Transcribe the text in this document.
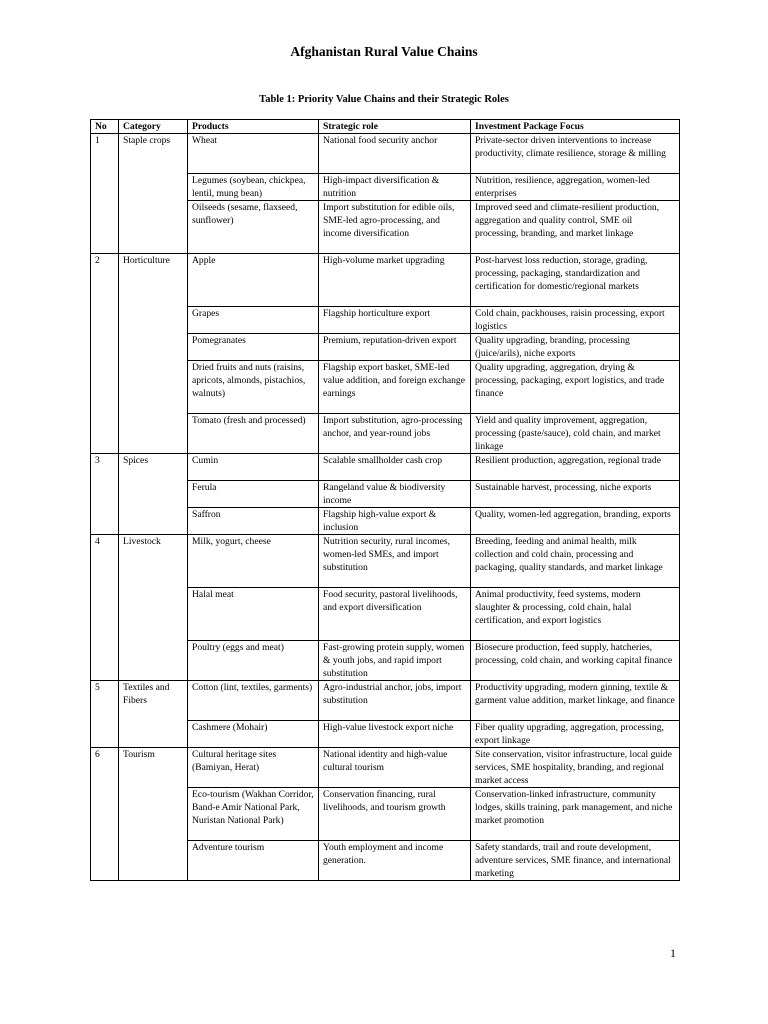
Afghanistan Rural Value Chains
Table 1: Priority Value Chains and their Strategic Roles
No	Category	Products	Strategic role	Investment Package Focus
1	Staple crops	Wheat	National food security anchor	Private-sector driven interventions to increase productivity, climate resilience, storage & milling
		Legumes (soybean, chickpea, lentil, mung bean)	High-impact diversification & nutrition	Nutrition, resilience, aggregation, women-led enterprises
		Oilseeds (sesame, flaxseed, sunflower)	Import substitution for edible oils, SME-led agro-processing, and income diversification	Improved seed and climate-resilient production, aggregation and quality control, SME oil processing, branding, and market linkage
2	Horticulture	Apple	High-volume market upgrading	Post-harvest loss reduction, storage, grading, processing, packaging, standardization and certification for domestic/regional markets
		Grapes	Flagship horticulture export	Cold chain, packhouses, raisin processing, export logistics
		Pomegranates	Premium, reputation-driven export	Quality upgrading, branding, processing (juice/arils), niche exports
		Dried fruits and nuts (raisins, apricots, almonds, pistachios, walnuts)	Flagship export basket, SME-led value addition, and foreign exchange earnings	Quality upgrading, aggregation, drying & processing, packaging, export logistics, and trade finance
		Tomato (fresh and processed)	Import substitution, agro-processing anchor, and year-round jobs	Yield and quality improvement, aggregation, processing (paste/sauce), cold chain, and market linkage
3	Spices	Cumin	Scalable smallholder cash crop	Resilient production, aggregation, regional trade
		Ferula	Rangeland value & biodiversity income	Sustainable harvest, processing, niche exports
		Saffron	Flagship high-value export & inclusion	Quality, women-led aggregation, branding, exports
4	Livestock	Milk, yogurt, cheese	Nutrition security, rural incomes, women-led SMEs, and import substitution	Breeding, feeding and animal health, milk collection and cold chain, processing and packaging, quality standards, and market linkage
		Halal meat	Food security, pastoral livelihoods, and export diversification	Animal productivity, feed systems, modern slaughter & processing, cold chain, halal certification, and export logistics
		Poultry (eggs and meat)	Fast-growing protein supply, women & youth jobs, and rapid import substitution	Biosecure production, feed supply, hatcheries, processing, cold chain, and working capital finance
5	Textiles and Fibers	Cotton (lint, textiles, garments)	Agro-industrial anchor, jobs, import substitution	Productivity upgrading, modern ginning, textile & garment value addition, market linkage, and finance
		Cashmere (Mohair)	High-value livestock export niche	Fiber quality upgrading, aggregation, processing, export linkage
6	Tourism	Cultural heritage sites (Bamiyan, Herat)	National identity and high-value cultural tourism	Site conservation, visitor infrastructure, local guide services, SME hospitality, branding, and regional market access
		Eco-tourism (Wakhan Corridor, Band-e Amir National Park, Nuristan National Park)	Conservation financing, rural livelihoods, and tourism growth	Conservation-linked infrastructure, community lodges, skills training, park management, and niche market promotion
		Adventure tourism	Youth employment and income generation.	Safety standards, trail and route development, adventure services, SME finance, and international marketing
1
